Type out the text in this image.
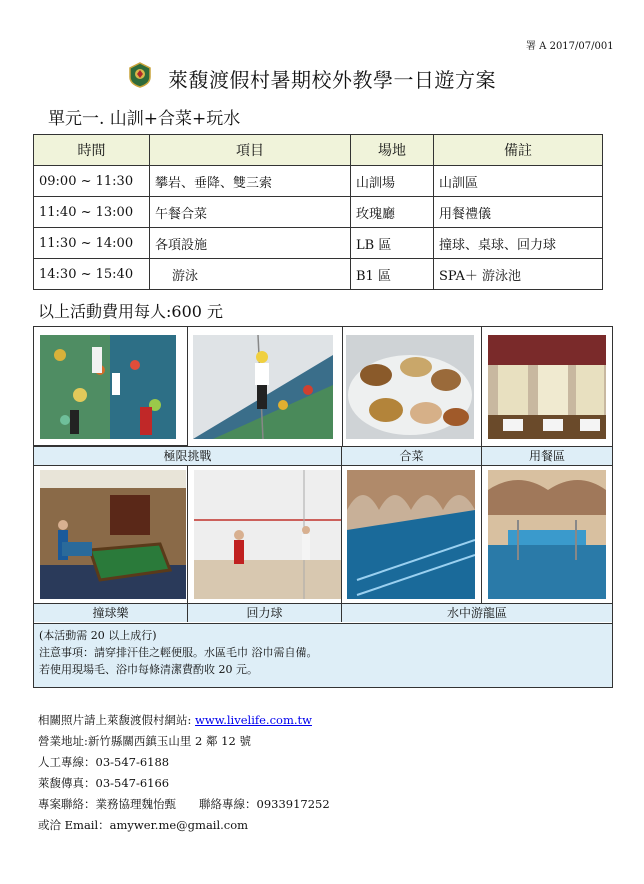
署 A 2017/07/001
萊馥渡假村暑期校外教學一日遊方案
單元一. 山訓+合菜+玩水
時間	項目	場地	備註
09:00 ~ 11:30	攀岩、垂降、雙三索	山訓場	山訓區
11:40 ~ 13:00	午餐合菜	玫瑰廳	用餐禮儀
11:30 ~ 14:00	各項設施	LB 區	撞球、桌球、回力球
14:30 ~ 15:40	游泳	B1 區	SPA＋ 游泳池
以上活動費用每人:600 元
極限挑戰	合菜	用餐區
撞球樂	回力球	水中游龍區
(本活動需 20 以上成行)
注意事項：請穿排汗佳之輕便服。水區毛巾 浴巾需自備。
若使用現場毛、浴巾每條清潔費酌收 20 元。
相關照片請上萊馥渡假村網站: www.livelife.com.tw
營業地址:新竹縣關西鎮玉山里 2 鄰 12 號
人工專線：03-547-6188
萊馥傳真：03-547-6166
專案聯絡：業務協理魏怡甄　　聯絡專線：0933917252
或洽 Email：amywer.me@gmail.com
